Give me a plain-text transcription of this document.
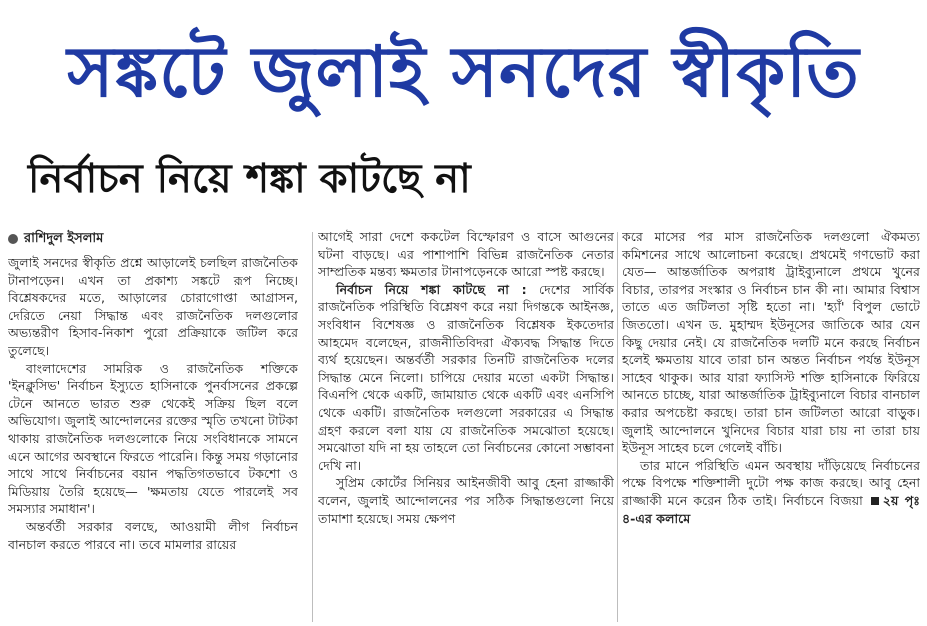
সঙ্কটে জুলাই সনদের স্বীকৃতি
নির্বাচন নিয়ে শঙ্কা কাটছে না
রাশিদুল ইসলাম

জুলাই সনদের স্বীকৃতি প্রশ্নে আড়ালেই চলছিল রাজনৈতিক টানাপড়েন। এখন তা প্রকাশ্য সঙ্কটে রূপ নিচ্ছে। বিশ্লেষকদের মতে, আড়ালের চোরাগোপ্তা আগ্রাসন, দেরিতে নেয়া সিদ্ধান্ত এবং রাজনৈতিক দলগুলোর অভ্যন্তরীণ হিসাব-নিকাশ পুরো প্রক্রিয়াকে জটিল করে তুলেছে।

বাংলাদেশের সামরিক ও রাজনৈতিক শক্তিকে 'ইনক্লুসিভ' নির্বাচন ইস্যুতে হাসিনাকে পুনর্বাসনের প্রকল্পে টেনে আনতে ভারত শুরু থেকেই সক্রিয় ছিল বলে অভিযোগ। জুলাই আন্দোলনের রক্তের স্মৃতি তখনো টাটকা থাকায় রাজনৈতিক দলগুলোকে নিয়ে সংবিধানকে সামনে এনে আগের অবস্থানে ফিরতে পারেনি। কিন্তু সময় গড়ানোর সাথে সাথে নির্বাচনের বয়ান পদ্ধতিগতভাবে টকশো ও মিডিয়ায় তৈরি হয়েছে— 'ক্ষমতায় যেতে পারলেই সব সমস্যার সমাধান'।

অন্তর্বর্তী সরকার বলছে, আওয়ামী লীগ নির্বাচন বানচাল করতে পারবে না। তবে মামলার রায়ের

আগেই সারা দেশে ককটেল বিস্ফোরণ ও বাসে আগুনের ঘটনা বাড়ছে। এর পাশাপাশি বিভিন্ন রাজনৈতিক নেতার সাম্প্রতিক মন্তব্য ক্ষমতার টানাপড়েনকে আরো স্পষ্ট করছে।

নির্বাচন নিয়ে শঙ্কা কাটছে না : দেশের সার্বিক রাজনৈতিক পরিস্থিতি বিশ্লেষণ করে নয়া দিগন্তকে আইনজ্ঞ, সংবিধান বিশেষজ্ঞ ও রাজনৈতিক বিশ্লেষক ইকতেদার আহমেদ বলেছেন, রাজনীতিবিদরা ঐক্যবদ্ধ সিদ্ধান্ত দিতে ব্যর্থ হয়েছেন। অন্তর্বর্তী সরকার তিনটি রাজনৈতিক দলের সিদ্ধান্ত মেনে নিলো। চাপিয়ে দেয়ার মতো একটা সিদ্ধান্ত। বিএনপি থেকে একটি, জামায়াত থেকে একটি এবং এনসিপি থেকে একটি। রাজনৈতিক দলগুলো সরকারের এ সিদ্ধান্ত গ্রহণ করলে বলা যায় যে রাজনৈতিক সমঝোতা হয়েছে। সমঝোতা যদি না হয় তাহলে তো নির্বাচনের কোনো সম্ভাবনা দেখি না।

সুপ্রিম কোর্টের সিনিয়র আইনজীবী আবু হেনা রাজ্জাকী বলেন, জুলাই আন্দোলনের পর সঠিক সিদ্ধান্তগুলো নিয়ে তামাশা হয়েছে। সময় ক্ষেপণ

করে মাসের পর মাস রাজনৈতিক দলগুলো ঐকমত্য কমিশনের সাথে আলোচনা করেছে। প্রথমেই গণভোট করা যেত— আন্তর্জাতিক অপরাধ ট্রাইব্যুনালে প্রথমে খুনের বিচার, তারপর সংস্কার ও নির্বাচন চান কী না। আমার বিশ্বাস তাতে এত জটিলতা সৃষ্টি হতো না। 'হ্যাঁ' বিপুল ভোটে জিততো। এখন ড. মুহাম্মদ ইউনূসের জাতিকে আর যেন কিছু দেয়ার নেই। যে রাজনৈতিক দলটি মনে করছে নির্বাচন হলেই ক্ষমতায় যাবে তারা চান অন্তত নির্বাচন পর্যন্ত ইউনূস সাহেব থাকুক। আর যারা ফ্যাসিস্ট শক্তি হাসিনাকে ফিরিয়ে আনতে চাচ্ছে, যারা আন্তর্জাতিক ট্রাইব্যুনালে বিচার বানচাল করার অপচেষ্টা করছে। তারা চান জটিলতা আরো বাড়ুক। জুলাই আন্দোলনে খুনিদের বিচার যারা চায় না তারা চায় ইউনূস সাহেব চলে গেলেই বাঁচি।

তার মানে পরিস্থিতি এমন অবস্থায় দাঁড়িয়েছে নির্বাচনের পক্ষে বিপক্ষে শক্তিশালী দুটো পক্ষ কাজ করছে। আবু হেনা রাজ্জাকী মনে করেন ঠিক তাই। নির্বাচনে বিজয়া ২য় পৃঃ ৪-এর কলামে
